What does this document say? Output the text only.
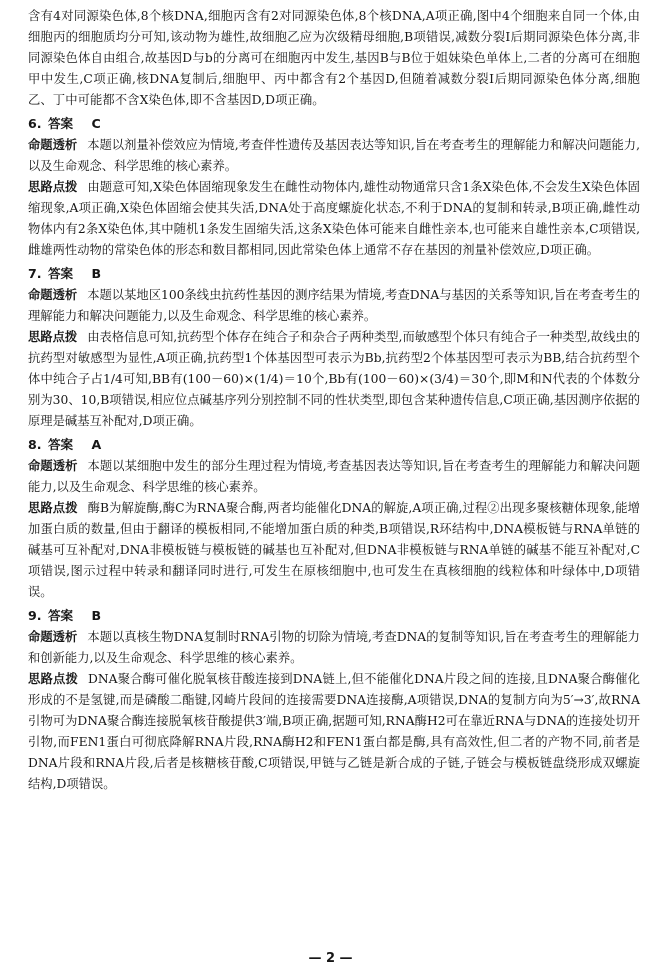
含有4对同源染色体,8个核DNA,细胞丙含有2对同源染色体,8个核DNA,A项正确,图中4个细胞来自同一个体,由细胞丙的细胞质均分可知,该动物为雄性,故细胞乙应为次级精母细胞,B项错误,减数分裂Ⅰ后期同源染色体分离,非同源染色体自由组合,故基因D与b的分离可在细胞丙中发生,基因B与B位于姐妹染色单体上,二者的分离可在细胞甲中发生,C项正确,核DNA复制后,细胞甲、丙中都含有2个基因D,但随着减数分裂Ⅰ后期同源染色体分离,细胞乙、丁中可能都不含X染色体,即不含基因D,D项正确。
6. 答案 C
命题透析 本题以剂量补偿效应为情境,考查伴性遗传及基因表达等知识,旨在考查考生的理解能力和解决问题能力,以及生命观念、科学思维的核心素养。
思路点拨 由题意可知,X染色体固缩现象发生在雌性动物体内,雄性动物通常只含1条X染色体,不会发生X染色体固缩现象,A项正确,X染色体固缩会使其失活,DNA处于高度螺旋化状态,不利于DNA的复制和转录,B项正确,雌性动物体内有2条X染色体,其中随机1条发生固缩失活,这条X染色体可能来自雌性亲本,也可能来自雄性亲本,C项错误,雌雄两性动物的常染色体的形态和数目都相同,因此常染色体上通常不存在基因的剂量补偿效应,D项正确。
7. 答案 B
命题透析 本题以某地区100条线虫抗药性基因的测序结果为情境,考查DNA与基因的关系等知识,旨在考查考生的理解能力和解决问题能力,以及生命观念、科学思维的核心素养。
思路点拨 由表格信息可知,抗药型个体存在纯合子和杂合子两种类型,而敏感型个体只有纯合子一种类型,故线虫的抗药型对敏感型为显性,A项正确,抗药型1个体基因型可表示为Bb,抗药型2个体基因型可表示为BB,结合抗药型个体中纯合子占1/4可知,BB有(100－60)×(1/4)＝10个,Bb有(100－60)×(3/4)＝30个,即M和N代表的个体数分别为30、10,B项错误,相应位点碱基序列分别控制不同的性状类型,即包含某种遗传信息,C项正确,基因测序依据的原理是碱基互补配对,D项正确。
8. 答案 A
命题透析 本题以某细胞中发生的部分生理过程为情境,考查基因表达等知识,旨在考查考生的理解能力和解决问题能力,以及生命观念、科学思维的核心素养。
思路点拨 酶B为解旋酶,酶C为RNA聚合酶,两者均能催化DNA的解旋,A项正确,过程②出现多聚核糖体现象,能增加蛋白质的数量,但由于翻译的模板相同,不能增加蛋白质的种类,B项错误,R环结构中,DNA模板链与RNA单链的碱基可互补配对,DNA非模板链与模板链的碱基也互补配对,但DNA非模板链与RNA单链的碱基不能互补配对,C项错误,图示过程中转录和翻译同时进行,可发生在原核细胞中,也可发生在真核细胞的线粒体和叶绿体中,D项错误。
9. 答案 B
命题透析 本题以真核生物DNA复制时RNA引物的切除为情境,考查DNA的复制等知识,旨在考查考生的理解能力和创新能力,以及生命观念、科学思维的核心素养。
思路点拨 DNA聚合酶可催化脱氧核苷酸连接到DNA链上,但不能催化DNA片段之间的连接,且DNA聚合酶催化形成的不是氢键,而是磷酸二酯键,冈崎片段间的连接需要DNA连接酶,A项错误,DNA的复制方向为5′→3′,故RNA引物可为DNA聚合酶连接脱氧核苷酸提供3′端,B项正确,据题可知,RNA酶H2可在靠近RNA与DNA的连接处切开引物,而FEN1蛋白可彻底降解RNA片段,RNA酶H2和FEN1蛋白都是酶,具有高效性,但二者的产物不同,前者是DNA片段和RNA片段,后者是核糖核苷酸,C项错误,甲链与乙链是新合成的子链,子链会与模板链盘绕形成双螺旋结构,D项错误。
— 2 —
